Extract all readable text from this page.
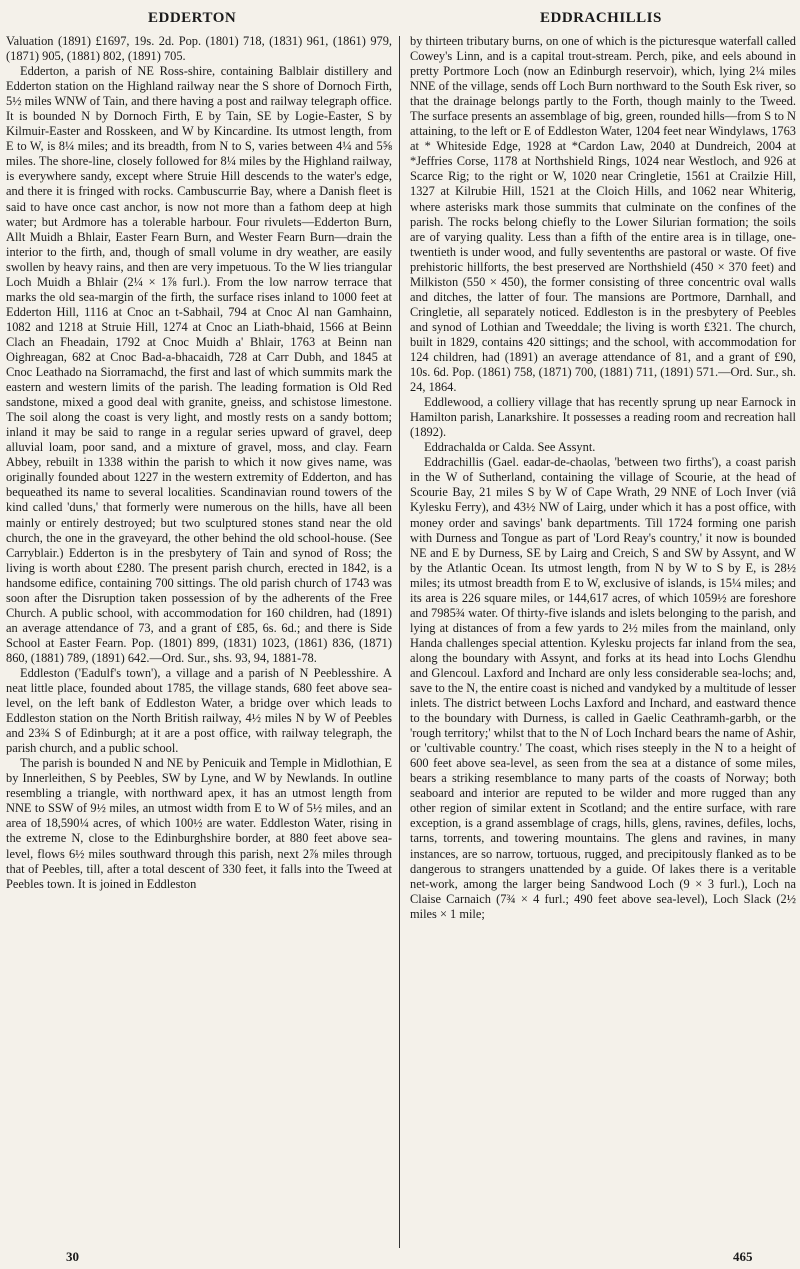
EDDERTON	EDDRACHILLIS

Valuation (1891) £1697, 19s. 2d. Pop. (1801) 718, (1831) 961, (1861) 979, (1871) 905, (1881) 802, (1891) 705.

Edderton, a parish of NE Ross-shire, containing Balblair distillery and Edderton station on the Highland railway near the S shore of Dornoch Firth, 5½ miles WNW of Tain, and there having a post and railway telegraph office. It is bounded N by Dornoch Firth, E by Tain, SE by Logie-Easter, S by Kilmuir-Easter and Rosskeen, and W by Kincardine. Its utmost length, from E to W, is 8¼ miles; and its breadth, from N to S, varies between 4¼ and 5⅝ miles. The shore-line, closely followed for 8¼ miles by the Highland railway, is everywhere sandy, except where Struie Hill descends to the water's edge, and there it is fringed with rocks. Cambuscurrie Bay, where a Danish fleet is said to have once cast anchor, is now not more than a fathom deep at high water; but Ardmore has a tolerable harbour. Four rivulets—Edderton Burn, Allt Muidh a Bhlair, Easter Fearn Burn, and Wester Fearn Burn—drain the interior to the firth, and, though of small volume in dry weather, are easily swollen by heavy rains, and then are very impetuous. To the W lies triangular Loch Muidh a Bhlair (2¼ × 1⅞ furl.). From the low narrow terrace that marks the old sea-margin of the firth, the surface rises inland to 1000 feet at Edderton Hill, 1116 at Cnoc an t-Sabhail, 794 at Cnoc Al nan Gamhainn, 1082 and 1218 at Struie Hill, 1274 at Cnoc an Liath-bhaid, 1566 at Beinn Clach an Fheadain, 1792 at Cnoc Muidh a' Bhlair, 1763 at Beinn nan Oighreagan, 682 at Cnoc Bad-a-bhacaidh, 728 at Carr Dubh, and 1845 at Cnoc Leathado na Siorramachd, the first and last of which summits mark the eastern and western limits of the parish. The leading formation is Old Red sandstone, mixed a good deal with granite, gneiss, and schistose limestone. The soil along the coast is very light, and mostly rests on a sandy bottom; inland it may be said to range in a regular series upward of gravel, deep alluvial loam, poor sand, and a mixture of gravel, moss, and clay. Fearn Abbey, rebuilt in 1338 within the parish to which it now gives name, was originally founded about 1227 in the western extremity of Edderton, and has bequeathed its name to several localities. Scandinavian round towers of the kind called 'duns,' that formerly were numerous on the hills, have all been mainly or entirely destroyed; but two sculptured stones stand near the old church, the one in the graveyard, the other behind the old school-house. (See Carryblair.) Edderton is in the presbytery of Tain and synod of Ross; the living is worth about £280. The present parish church, erected in 1842, is a handsome edifice, containing 700 sittings. The old parish church of 1743 was soon after the Disruption taken possession of by the adherents of the Free Church. A public school, with accommodation for 160 children, had (1891) an average attendance of 73, and a grant of £85, 6s. 6d.; and there is Side School at Easter Fearn. Pop. (1801) 899, (1831) 1023, (1861) 836, (1871) 860, (1881) 789, (1891) 642.—Ord. Sur., shs. 93, 94, 1881-78.

Eddleston ('Eadulf's town'), a village and a parish of N Peeblesshire. A neat little place, founded about 1785, the village stands, 680 feet above sea-level, on the left bank of Eddleston Water, a bridge over which leads to Eddleston station on the North British railway, 4½ miles N by W of Peebles and 23¾ S of Edinburgh; at it are a post office, with railway telegraph, the parish church, and a public school.

The parish is bounded N and NE by Penicuik and Temple in Midlothian, E by Innerleithen, S by Peebles, SW by Lyne, and W by Newlands. In outline resembling a triangle, with northward apex, it has an utmost length from NNE to SSW of 9½ miles, an utmost width from E to W of 5½ miles, and an area of 18,590¼ acres, of which 100½ are water. Eddleston Water, rising in the extreme N, close to the Edinburghshire border, at 880 feet above sea-level, flows 6½ miles southward through this parish, next 2⅞ miles through that of Peebles, till, after a total descent of 330 feet, it falls into the Tweed at Peebles town. It is joined in Eddleston

by thirteen tributary burns, on one of which is the picturesque waterfall called Cowey's Linn, and is a capital trout-stream. Perch, pike, and eels abound in pretty Portmore Loch (now an Edinburgh reservoir), which, lying 2¼ miles NNE of the village, sends off Loch Burn northward to the South Esk river, so that the drainage belongs partly to the Forth, though mainly to the Tweed. The surface presents an assemblage of big, green, rounded hills—from S to N attaining, to the left or E of Eddleston Water, 1204 feet near Windylaws, 1763 at * Whiteside Edge, 1928 at *Cardon Law, 2040 at Dundreich, 2004 at *Jeffries Corse, 1178 at Northshield Rings, 1024 near Westloch, and 926 at Scarce Rig; to the right or W, 1020 near Cringletie, 1561 at Crailzie Hill, 1327 at Kilrubie Hill, 1521 at the Cloich Hills, and 1062 near Whiterig, where asterisks mark those summits that culminate on the confines of the parish. The rocks belong chiefly to the Lower Silurian formation; the soils are of varying quality. Less than a fifth of the entire area is in tillage, one-twentieth is under wood, and fully seventenths are pastoral or waste. Of five prehistoric hillforts, the best preserved are Northshield (450 × 370 feet) and Milkiston (550 × 450), the former consisting of three concentric oval walls and ditches, the latter of four. The mansions are Portmore, Darnhall, and Cringletie, all separately noticed. Eddleston is in the presbytery of Peebles and synod of Lothian and Tweeddale; the living is worth £321. The church, built in 1829, contains 420 sittings; and the school, with accommodation for 124 children, had (1891) an average attendance of 81, and a grant of £90, 10s. 6d. Pop. (1861) 758, (1871) 700, (1881) 711, (1891) 571.—Ord. Sur., sh. 24, 1864.

Eddlewood, a colliery village that has recently sprung up near Earnock in Hamilton parish, Lanarkshire. It possesses a reading room and recreation hall (1892).

Eddrachalda or Calda. See Assynt.

Eddrachillis (Gael. eadar-de-chaolas, 'between two firths'), a coast parish in the W of Sutherland, containing the village of Scourie, at the head of Scourie Bay, 21 miles S by W of Cape Wrath, 29 NNE of Loch Inver (viâ Kylesku Ferry), and 43½ NW of Lairg, under which it has a post office, with money order and savings' bank departments. Till 1724 forming one parish with Durness and Tongue as part of 'Lord Reay's country,' it now is bounded NE and E by Durness, SE by Lairg and Creich, S and SW by Assynt, and W by the Atlantic Ocean. Its utmost length, from N by W to S by E, is 28½ miles; its utmost breadth from E to W, exclusive of islands, is 15¼ miles; and its area is 226 square miles, or 144,617 acres, of which 1059½ are foreshore and 7985¾ water. Of thirty-five islands and islets belonging to the parish, and lying at distances of from a few yards to 2½ miles from the mainland, only Handa challenges special attention. Kylesku projects far inland from the sea, along the boundary with Assynt, and forks at its head into Lochs Glendhu and Glencoul. Laxford and Inchard are only less considerable sea-lochs; and, save to the N, the entire coast is niched and vandyked by a multitude of lesser inlets. The district between Lochs Laxford and Inchard, and eastward thence to the boundary with Durness, is called in Gaelic Ceathramh-garbh, or the 'rough territory;' whilst that to the N of Loch Inchard bears the name of Ashir, or 'cultivable country.' The coast, which rises steeply in the N to a height of 600 feet above sea-level, as seen from the sea at a distance of some miles, bears a striking resemblance to many parts of the coasts of Norway; both seaboard and interior are reputed to be wilder and more rugged than any other region of similar extent in Scotland; and the entire surface, with rare exception, is a grand assemblage of crags, hills, glens, ravines, defiles, lochs, tarns, torrents, and towering mountains. The glens and ravines, in many instances, are so narrow, tortuous, rugged, and precipitously flanked as to be dangerous to strangers unattended by a guide. Of lakes there is a veritable net-work, among the larger being Sandwood Loch (9 × 3 furl.), Loch na Claise Carnaich (7¾ × 4 furl.; 490 feet above sea-level), Loch Slack (2½ miles × 1 mile;

30	465
